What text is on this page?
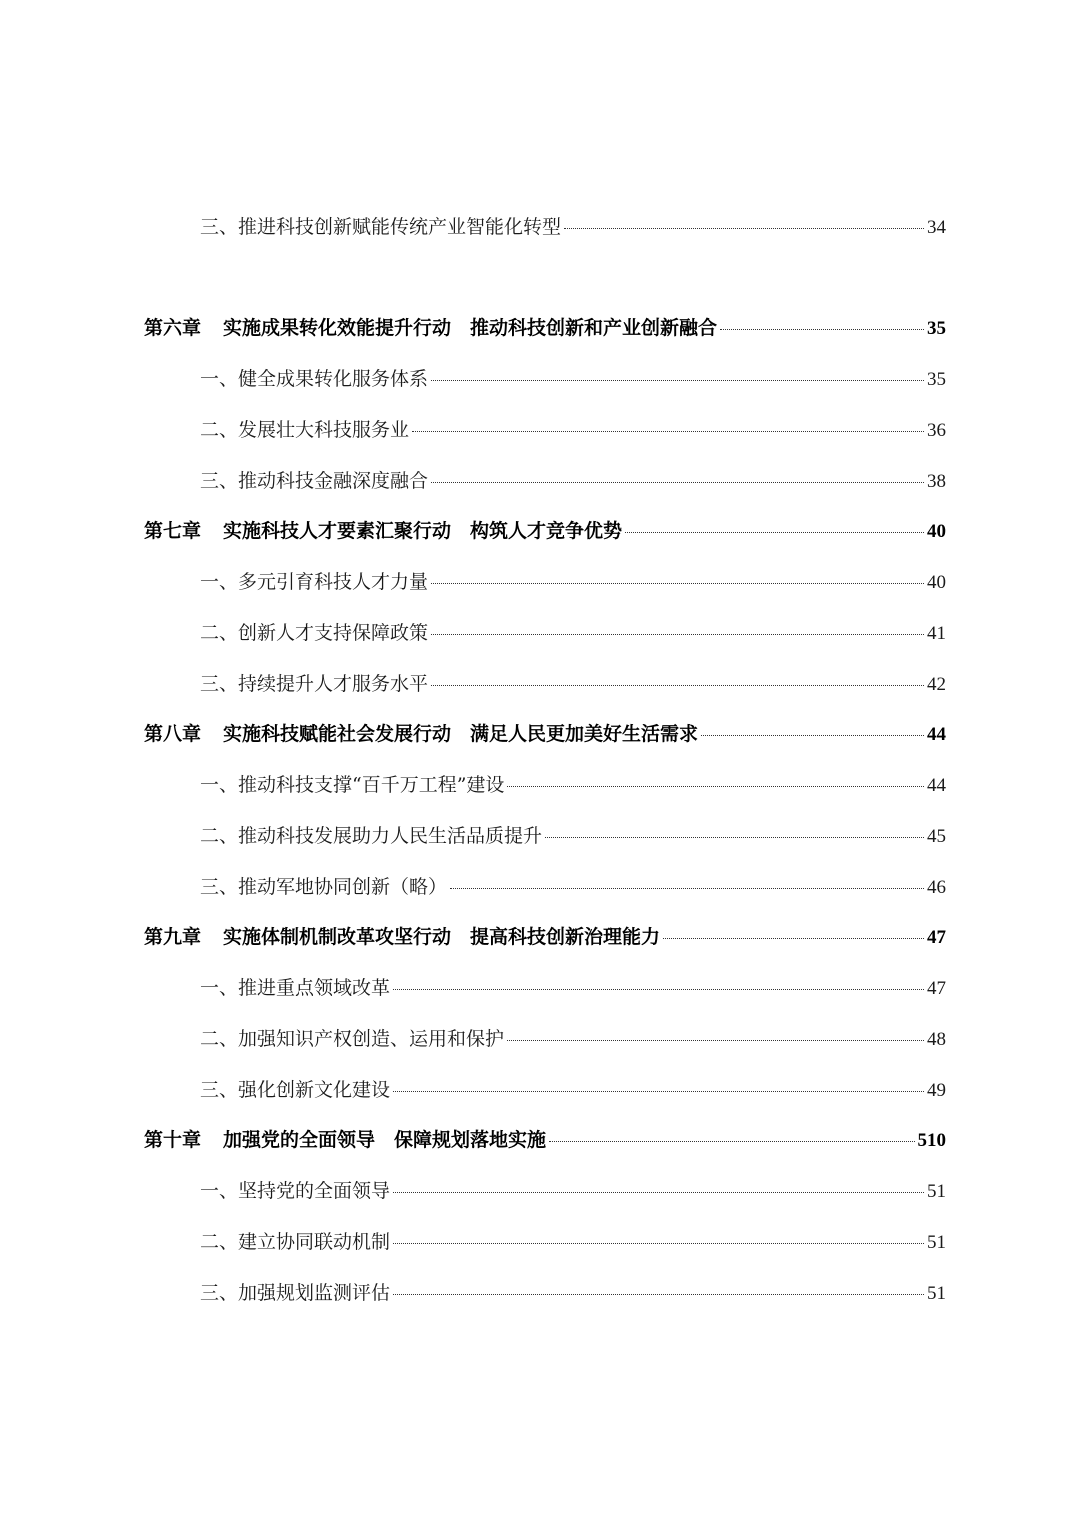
三、推进科技创新赋能传统产业智能化转型	34
第六章 实施成果转化效能提升行动　推动科技创新和产业创新融合	35
一、健全成果转化服务体系	35
二、发展壮大科技服务业	36
三、推动科技金融深度融合	38
第七章 实施科技人才要素汇聚行动　构筑人才竞争优势	40
一、多元引育科技人才力量	40
二、创新人才支持保障政策	41
三、持续提升人才服务水平	42
第八章 实施科技赋能社会发展行动　满足人民更加美好生活需求	44
一、推动科技支撑“百千万工程”建设	44
二、推动科技发展助力人民生活品质提升	45
三、推动军地协同创新（略）	46
第九章 实施体制机制改革攻坚行动　提高科技创新治理能力	47
一、推进重点领域改革	47
二、加强知识产权创造、运用和保护	48
三、强化创新文化建设	49
第十章 加强党的全面领导　保障规划落地实施	510
一、坚持党的全面领导	51
二、建立协同联动机制	51
三、加强规划监测评估	51
